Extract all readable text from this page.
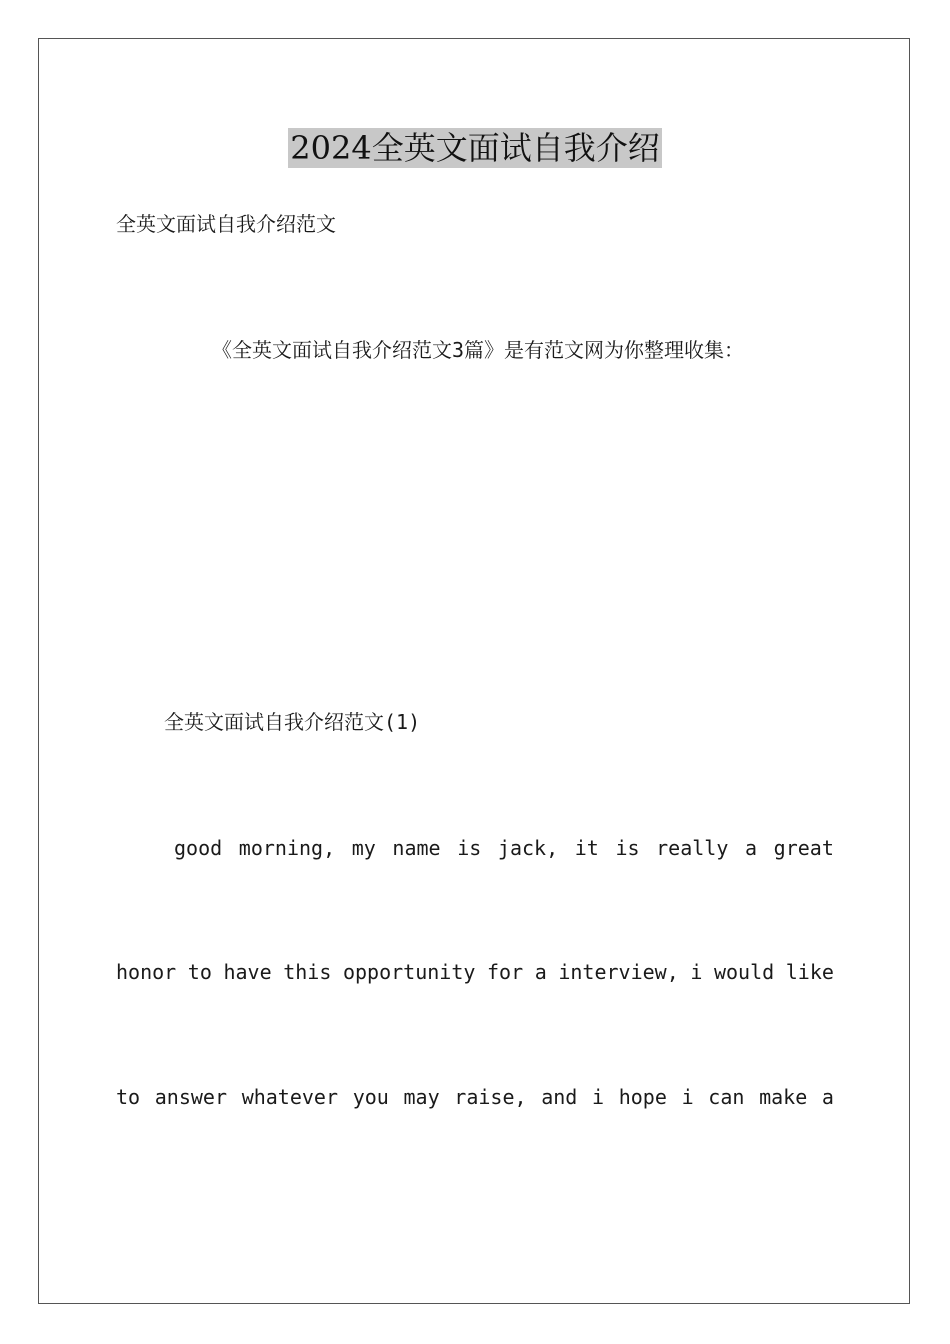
2024全英文面试自我介绍
全英文面试自我介绍范文
《全英文面试自我介绍范文3篇》是有范文网为你整理收集：
全英文面试自我介绍范文(1)
good morning, my name is jack, it is really a great
honor to have this opportunity for a interview, i would like
to answer whatever you may raise, and i hope i can make a
